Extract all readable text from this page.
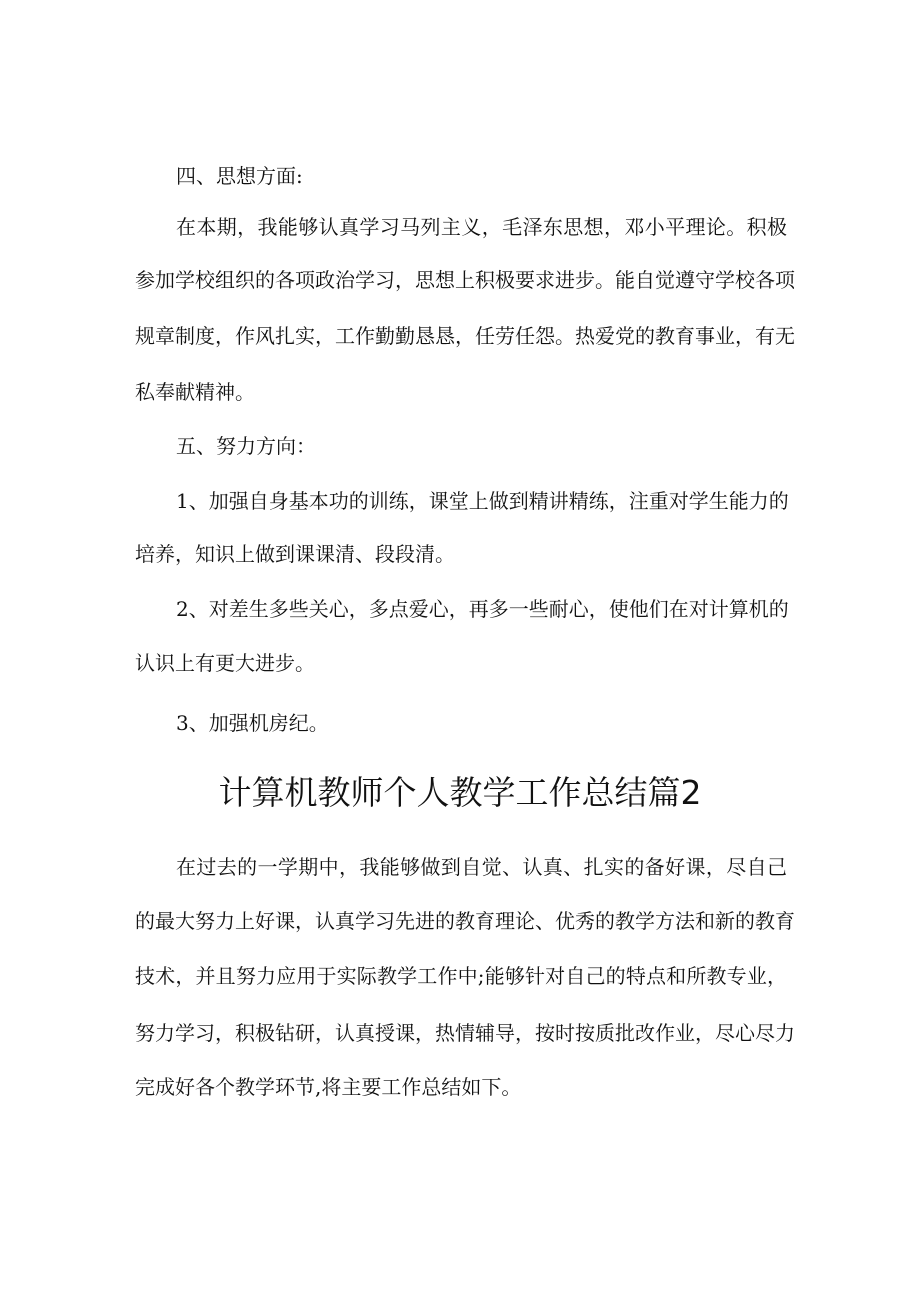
四、思想方面:
在本期，我能够认真学习马列主义，毛泽东思想，邓小平理论。积极
参加学校组织的各项政治学习，思想上积极要求进步。能自觉遵守学校各项
规章制度，作风扎实，工作勤勤恳恳，任劳任怨。热爱党的教育事业，有无
私奉献精神。
五、努力方向：
1、加强自身基本功的训练，课堂上做到精讲精练，注重对学生能力的
培养，知识上做到课课清、段段清。
2、对差生多些关心，多点爱心，再多一些耐心，使他们在对计算机的
认识上有更大进步。
3、加强机房纪。
计算机教师个人教学工作总结篇2
在过去的一学期中，我能够做到自觉、认真、扎实的备好课，尽自己
的最大努力上好课，认真学习先进的教育理论、优秀的教学方法和新的教育
技术，并且努力应用于实际教学工作中;能够针对自己的特点和所教专业，
努力学习，积极钻研，认真授课，热情辅导，按时按质批改作业，尽心尽力
完成好各个教学环节,将主要工作总结如下。
